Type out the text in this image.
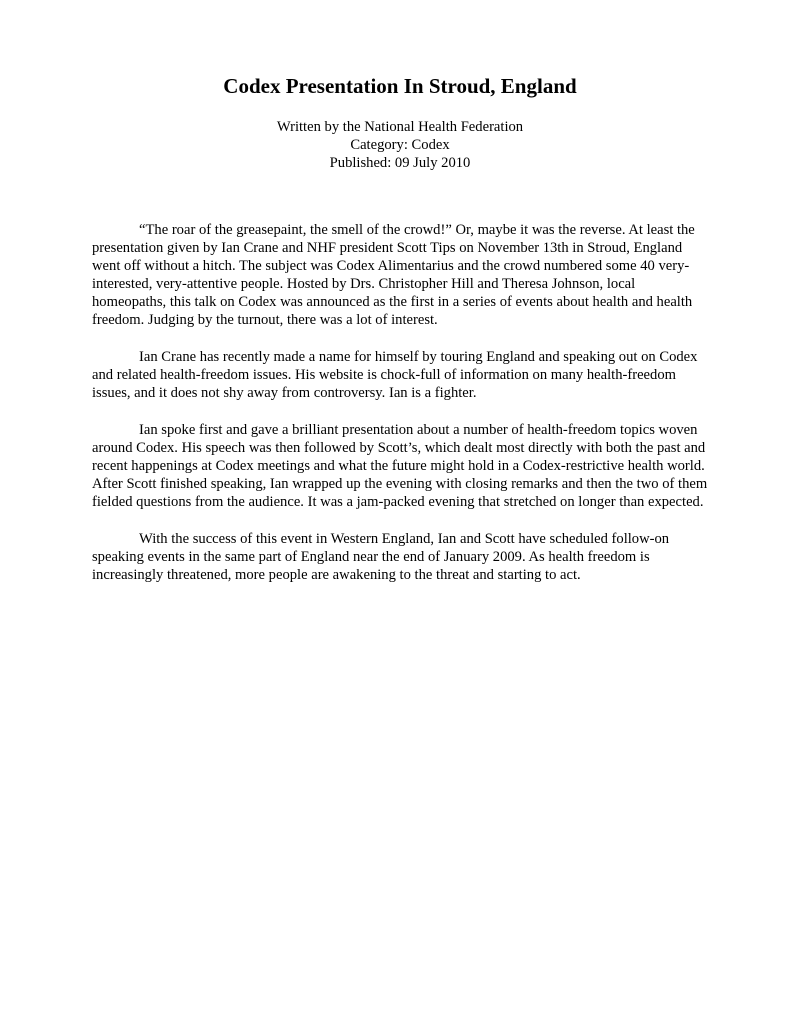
Codex Presentation In Stroud, England
Written by the National Health Federation
Category: Codex
Published: 09 July 2010

“The roar of the greasepaint, the smell of the crowd!” Or, maybe it was the reverse. At least the presentation given by Ian Crane and NHF president Scott Tips on November 13th in Stroud, England went off without a hitch. The subject was Codex Alimentarius and the crowd numbered some 40 very-interested, very-attentive people. Hosted by Drs. Christopher Hill and Theresa Johnson, local homeopaths, this talk on Codex was announced as the first in a series of events about health and health freedom. Judging by the turnout, there was a lot of interest.

Ian Crane has recently made a name for himself by touring England and speaking out on Codex and related health-freedom issues. His website is chock-full of information on many health-freedom issues, and it does not shy away from controversy. Ian is a fighter.

Ian spoke first and gave a brilliant presentation about a number of health-freedom topics woven around Codex. His speech was then followed by Scott’s, which dealt most directly with both the past and recent happenings at Codex meetings and what the future might hold in a Codex-restrictive health world. After Scott finished speaking, Ian wrapped up the evening with closing remarks and then the two of them fielded questions from the audience. It was a jam-packed evening that stretched on longer than expected.

With the success of this event in Western England, Ian and Scott have scheduled follow-on speaking events in the same part of England near the end of January 2009. As health freedom is increasingly threatened, more people are awakening to the threat and starting to act.
